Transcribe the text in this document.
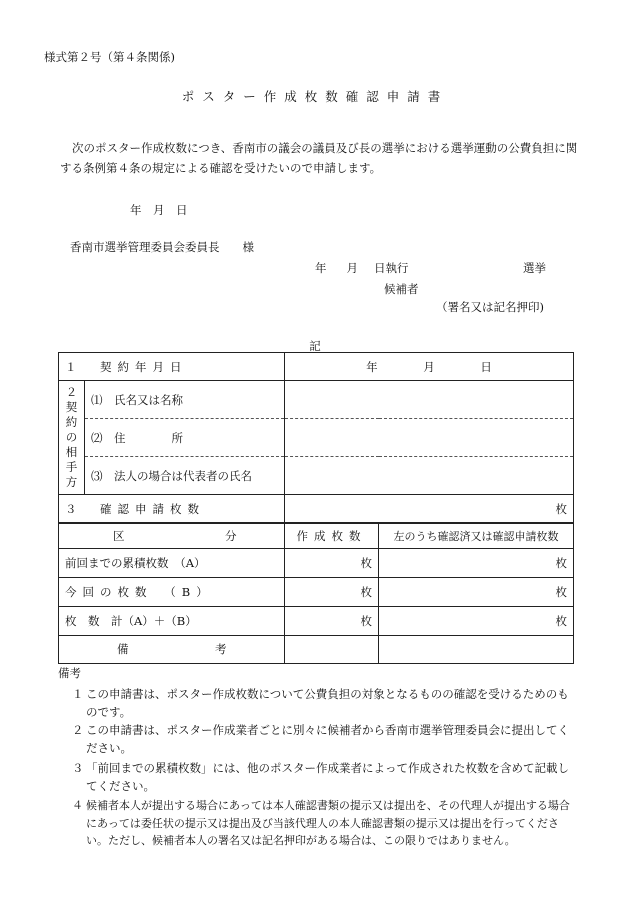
様式第２号（第４条関係)
ポスター作成枚数確認申請書
次のポスター作成枚数につき、香南市の議会の議員及び長の選挙における選挙運動の公費負担に関する条例第４条の規定による確認を受けたいので申請します。
年　月　日
香南市選挙管理委員会委員長　　様
年 月 日執行	選挙
候補者
（署名又は記名押印)
記
１　契約年月日		年 月 日	

２契約の相手方	⑴　氏名又は名称		
	⑵　住　　　　所		
	⑶　法人の場合は代表者の氏名		
３　確認申請枚数		枚	

区 分		作成枚数	左のうち確認済又は確認申請枚数
前回までの累積枚数　（A）		枚	枚
今回の枚数　（B）		枚	枚
枚　数　計（A）＋（B）		枚	枚

備 考			

備考
１ この申請書は、ポスター作成枚数について公費負担の対象となるものの確認を受けるためのものです。
２ この申請書は、ポスター作成業者ごとに別々に候補者から香南市選挙管理委員会に提出してください。
３ 「前回までの累積枚数」には、他のポスター作成業者によって作成された枚数を含めて記載してください。
４ 候補者本人が提出する場合にあっては本人確認書類の提示又は提出を、その代理人が提出する場合にあっては委任状の提示又は提出及び当該代理人の本人確認書類の提示又は提出を行ってください。ただし、候補者本人の署名又は記名押印がある場合は、この限りではありません。
